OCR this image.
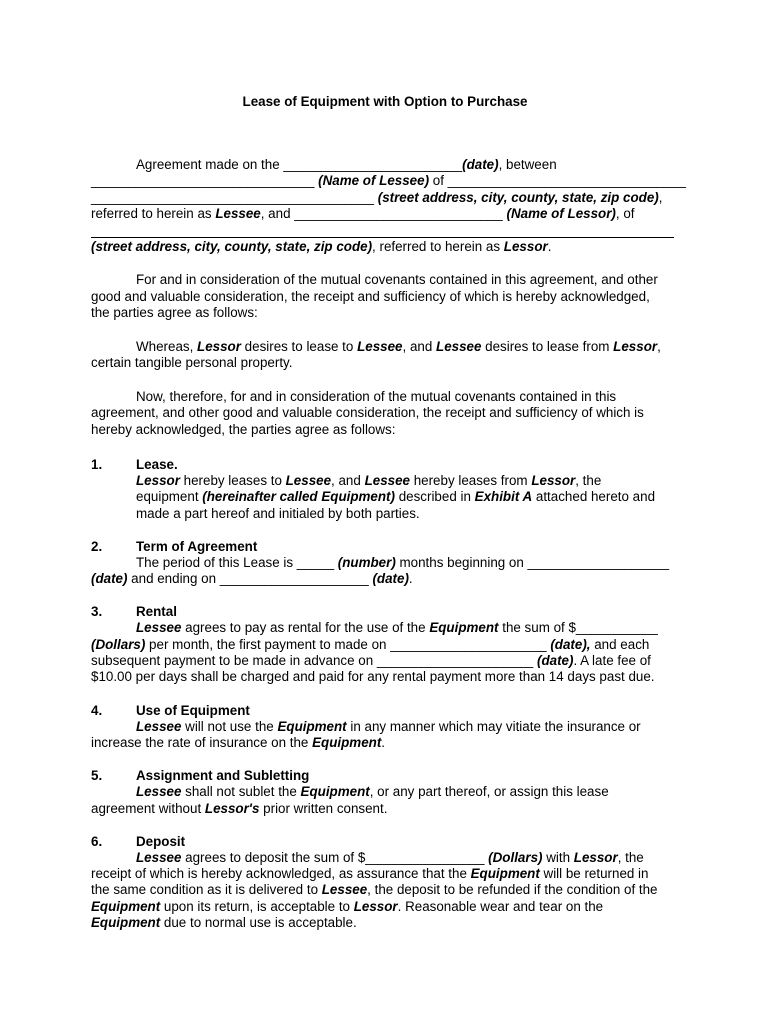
Lease of Equipment with Option to Purchase
Agreement made on the ________________________(date), between
______________________________ (Name of Lessee) of ________________________________
______________________________________ (street address, city, county, state, zip code),
referred to herein as Lessee, and ____________________________ (Name of Lessor), of
(street address, city, county, state, zip code), referred to herein as Lessor.
For and in consideration of the mutual covenants contained in this agreement, and other
good and valuable consideration, the receipt and sufficiency of which is hereby acknowledged,
the parties agree as follows:
Whereas, Lessor desires to lease to Lessee, and Lessee desires to lease from Lessor,
certain tangible personal property.
Now, therefore, for and in consideration of the mutual covenants contained in this
agreement, and other good and valuable consideration, the receipt and sufficiency of which is
hereby acknowledged, the parties agree as follows:
1.	Lease.
Lessor hereby leases to Lessee, and Lessee hereby leases from Lessor, the
equipment (hereinafter called Equipment) described in Exhibit A attached hereto and
made a part hereof and initialed by both parties.
2.	Term of Agreement
The period of this Lease is _____ (number) months beginning on ___________________
(date) and ending on ____________________ (date).
3.	Rental
Lessee agrees to pay as rental for the use of the Equipment the sum of $___________
(Dollars) per month, the first payment to made on _____________________ (date), and each
subsequent payment to be made in advance on _____________________ (date). A late fee of
$10.00 per days shall be charged and paid for any rental payment more than 14 days past due.
4.	Use of Equipment
Lessee will not use the Equipment in any manner which may vitiate the insurance or
increase the rate of insurance on the Equipment.
5.	Assignment and Subletting
Lessee shall not sublet the Equipment, or any part thereof, or assign this lease
agreement without Lessor's prior written consent.
6.	Deposit
Lessee agrees to deposit the sum of $________________ (Dollars) with Lessor, the
receipt of which is hereby acknowledged, as assurance that the Equipment will be returned in
the same condition as it is delivered to Lessee, the deposit to be refunded if the condition of the
Equipment upon its return, is acceptable to Lessor. Reasonable wear and tear on the
Equipment due to normal use is acceptable.
